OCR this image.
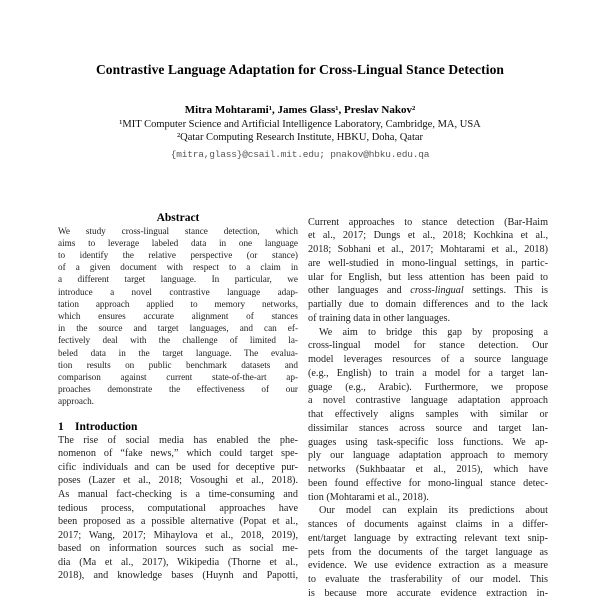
Contrastive Language Adaptation for Cross-Lingual Stance Detection
Mitra Mohtarami¹, James Glass¹, Preslav Nakov²
¹MIT Computer Science and Artificial Intelligence Laboratory, Cambridge, MA, USA
²Qatar Computing Research Institute, HBKU, Doha, Qatar
{mitra,glass}@csail.mit.edu; pnakov@hbku.edu.qa
Abstract
We study cross-lingual stance detection, which
aims to leverage labeled data in one language
to identify the relative perspective (or stance)
of a given document with respect to a claim in
a different target language. In particular, we
introduce a novel contrastive language adap-
tation approach applied to memory networks,
which ensures accurate alignment of stances
in the source and target languages, and can ef-
fectively deal with the challenge of limited la-
beled data in the target language. The evalua-
tion results on public benchmark datasets and
comparison against current state-of-the-art ap-
proaches demonstrate the effectiveness of our
approach.
1 Introduction
The rise of social media has enabled the phe-
nomenon of “fake news,” which could target spe-
cific individuals and can be used for deceptive pur-
poses (Lazer et al., 2018; Vosoughi et al., 2018).
As manual fact-checking is a time-consuming and
tedious process, computational approaches have
been proposed as a possible alternative (Popat et al.,
2017; Wang, 2017; Mihaylova et al., 2018, 2019),
based on information sources such as social me-
dia (Ma et al., 2017), Wikipedia (Thorne et al.,
2018), and knowledge bases (Huynh and Papotti,
Current approaches to stance detection (Bar-Haim
et al., 2017; Dungs et al., 2018; Kochkina et al.,
2018; Sobhani et al., 2017; Mohtarami et al., 2018)
are well-studied in mono-lingual settings, in partic-
ular for English, but less attention has been paid to
other languages and cross-lingual settings. This is
partially due to domain differences and to the lack
of training data in other languages.
We aim to bridge this gap by proposing a
cross-lingual model for stance detection. Our
model leverages resources of a source language
(e.g., English) to train a model for a target lan-
guage (e.g., Arabic). Furthermore, we propose
a novel contrastive language adaptation approach
that effectively aligns samples with similar or
dissimilar stances across source and target lan-
guages using task-specific loss functions. We ap-
ply our language adaptation approach to memory
networks (Sukhbaatar et al., 2015), which have
been found effective for mono-lingual stance detec-
tion (Mohtarami et al., 2018).
Our model can explain its predictions about
stances of documents against claims in a differ-
ent/target language by extracting relevant text snip-
pets from the documents of the target language as
evidence. We use evidence extraction as a measure
to evaluate the trasferability of our model. This
is because more accurate evidence extraction in-
